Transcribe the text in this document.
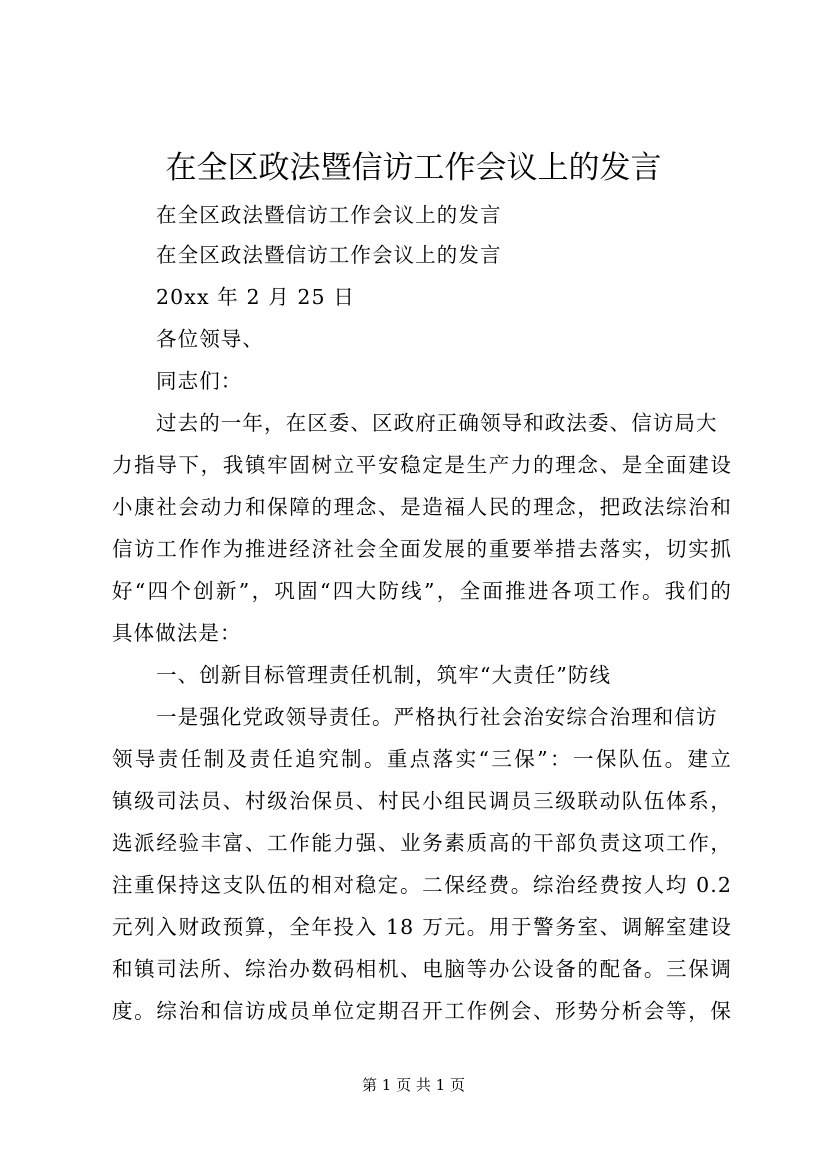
在全区政法暨信访工作会议上的发言
在全区政法暨信访工作会议上的发言
在全区政法暨信访工作会议上的发言
20xx 年 2 月 25 日
各位领导、
同志们：
过去的一年，在区委、区政府正确领导和政法委、信访局大
力指导下，我镇牢固树立平安稳定是生产力的理念、是全面建设
小康社会动力和保障的理念、是造福人民的理念，把政法综治和
信访工作作为推进经济社会全面发展的重要举措去落实，切实抓
好“四个创新”，巩固“四大防线”，全面推进各项工作。我们的
具体做法是：
一、创新目标管理责任机制，筑牢“大责任”防线
一是强化党政领导责任。严格执行社会治安综合治理和信访
领导责任制及责任追究制。重点落实“三保”：一保队伍。建立
镇级司法员、村级治保员、村民小组民调员三级联动队伍体系，
选派经验丰富、工作能力强、业务素质高的干部负责这项工作，
注重保持这支队伍的相对稳定。二保经费。综治经费按人均 0.2
元列入财政预算，全年投入 18 万元。用于警务室、调解室建设
和镇司法所、综治办数码相机、电脑等办公设备的配备。三保调
度。综治和信访成员单位定期召开工作例会、形势分析会等，保
第 1 页 共 1 页
